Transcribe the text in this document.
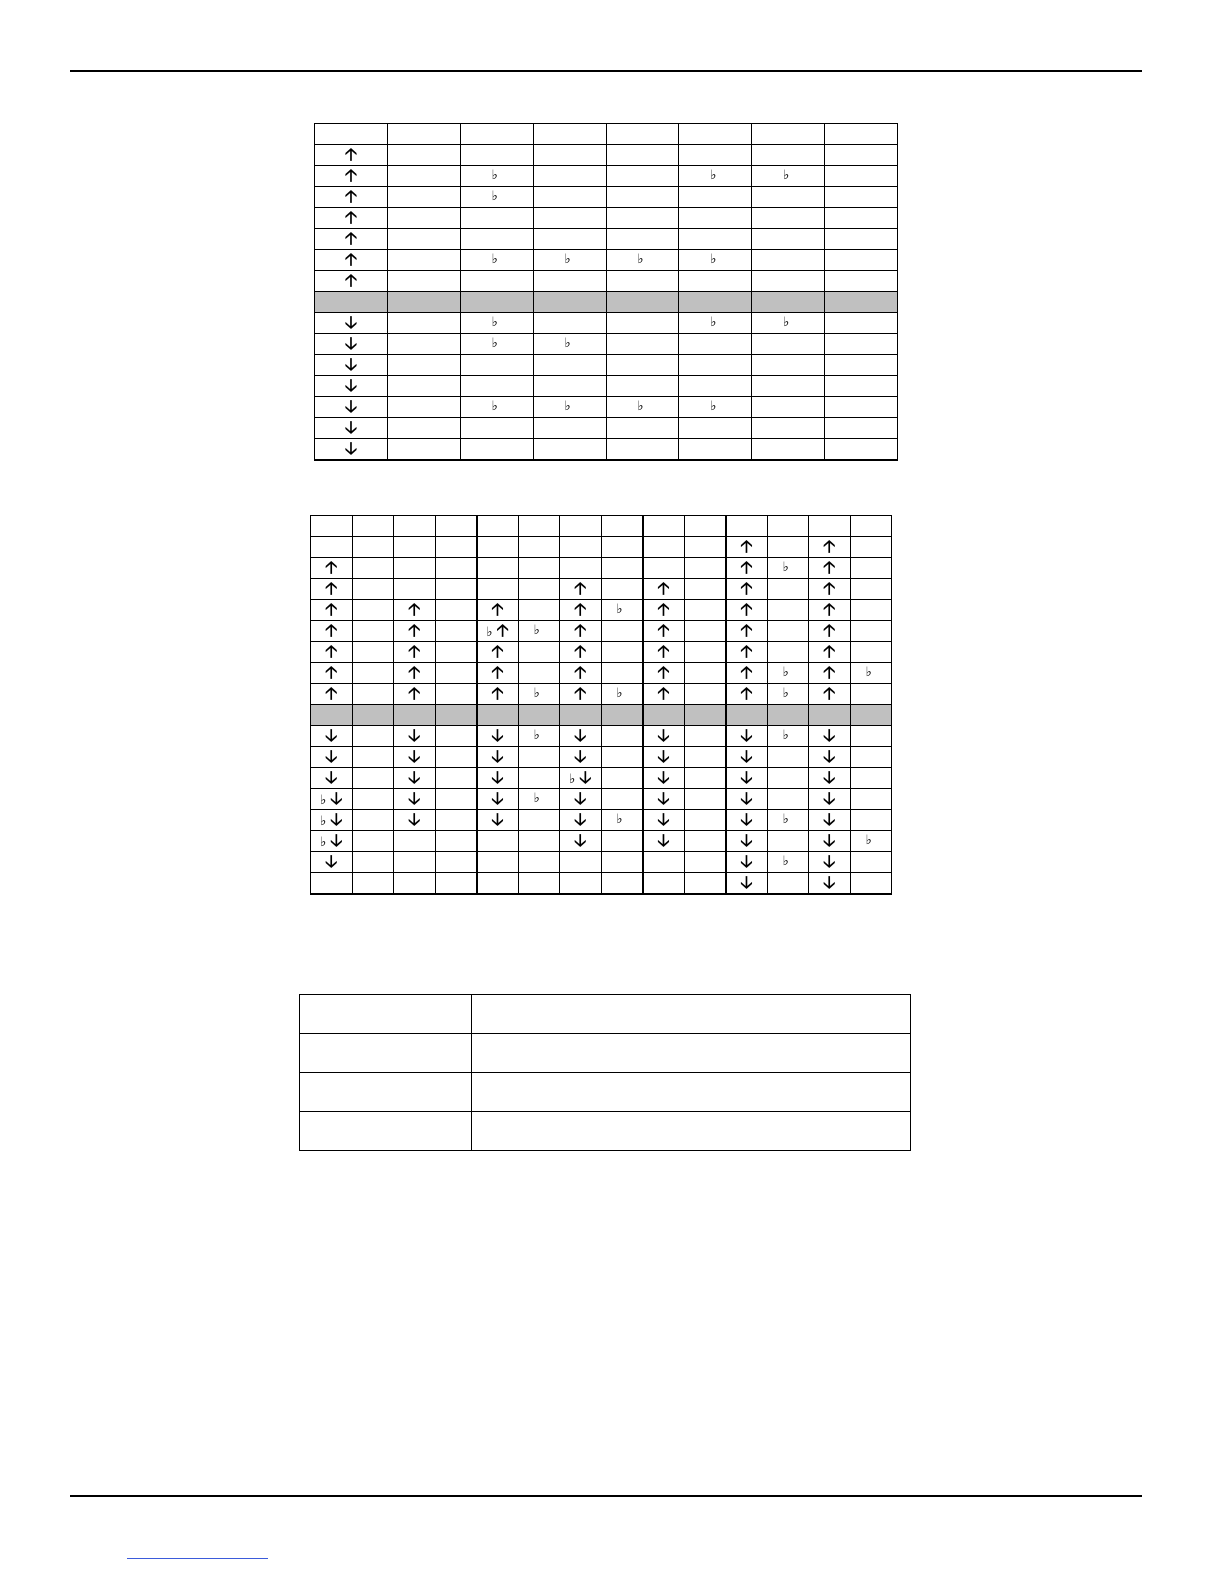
🡡							
🡡		♭			♭	♭	
🡡		♭					
🡡							
🡡							
🡡		♭	♭	♭	♭		
🡡							

🡣		♭			♭	♭	
🡣		♭	♭				
🡣							
🡣							
🡣		♭	♭	♭	♭		
🡣							
🡣							

										🡡		🡡	
🡡										🡡	♭	🡡	
🡡						🡡		🡡		🡡		🡡	
🡡		🡡		🡡		🡡	♭	🡡		🡡		🡡	
🡡		🡡		♭ 🡡	♭	🡡		🡡		🡡		🡡	
🡡		🡡		🡡		🡡		🡡		🡡		🡡	
🡡		🡡		🡡		🡡		🡡		🡡	♭	🡡	♭
🡡		🡡		🡡	♭	🡡	♭	🡡		🡡	♭	🡡	

🡣		🡣		🡣	♭	🡣		🡣		🡣	♭	🡣	
🡣		🡣		🡣		🡣		🡣		🡣		🡣	
🡣		🡣		🡣		♭ 🡣		🡣		🡣		🡣	
♭ 🡣		🡣		🡣	♭	🡣		🡣		🡣		🡣	
♭ 🡣		🡣		🡣		🡣	♭	🡣		🡣	♭	🡣	
♭ 🡣						🡣		🡣		🡣		🡣	♭
🡣										🡣	♭	🡣	
										🡣		🡣	
